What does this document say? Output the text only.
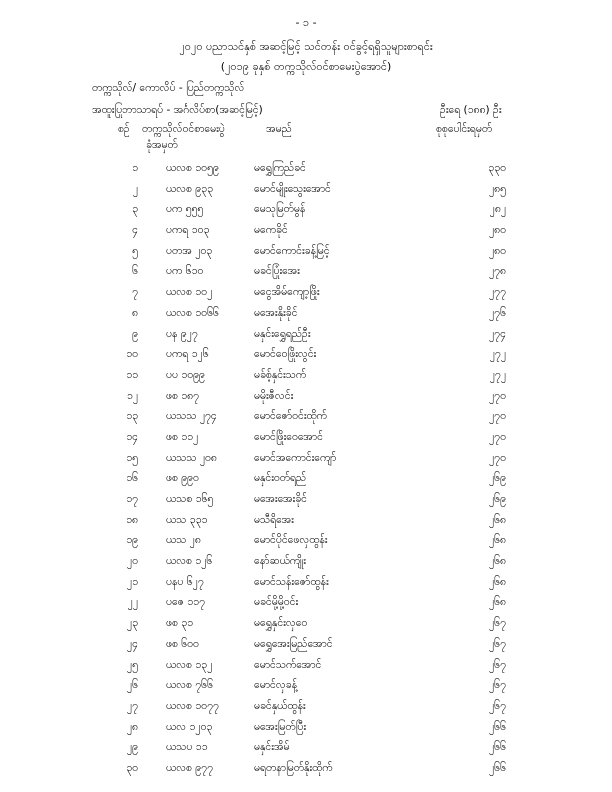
- ၁ -
၂၀၂၀ ပညာသင်နှစ် အဆင့်မြင့် သင်တန်း ဝင်ခွင့်ရရှိသူများစာရင်း
(၂၀၁၉ ခုနှစ် တက္ကသိုလ်ဝင်စာမေးပွဲအောင်)
တက္ကသိုလ်/ ကောလိပ် - ပြည်တက္ကသိုလ်
အထူးပြုဘာသာရပ် - အင်္ဂလိပ်စာ(အဆင့်မြင့်)	ဦးရေ (၁၈၈) ဦး
စဉ် တက္ကသိုလ်ဝင်စာမေးပွဲ
ခုံအမှတ်
အမည်	စုစုပေါင်းရမှတ်
၁	ယလစ ၁၀၅၉	မရွှေကြည်ခင်	၃၃၀
၂	ယလစ ၉၃၃	မောင်မျိုးသွေးအောင်	၂၈၅
၃	ပက ၅၅၅	မေသုမြတ်မွန်	၂၈၂
၄	ပကရ ၁၀၃	မကေခိုင်	၂၈၀
၅	ပတအ ၂၀၃	မောင်ကောင်းခန့်မြင့်	၂၈၀
၆	ပက ၆၁၀	မခင်ပြုံးအေး	၂၇၈
၇	ယလစ ၁၀၂	မငွေအိမ်ကျော့ဖြိုး	၂၇၇
၈	ယလစ ၁၀၆၆	မအေးနိုးခိုင်	၂၇၆
၉	ပန ၉၂၇	မနှင်းရွှေရည်ဦး	၂၇၄
၁၀	ပကရ ၁၂၆	မောင်ဝေဖြိုးလွင်း	၂၇၂
၁၁	ပပ ၁၀၉၉	မခ်စ့်နှင်းသက်	၂၇၂
၁၂	ဖစ ၁၈၇	မမိုးဇီလင်း	၂၇၀
၁၃	ယသသ ၂၇၄	မောင်ဇော်ဝင်းထိုက်	၂၇၀
၁၄	ဖစ ၁၁၂	မောင်ဖြိုးဝေအောင်	၂၇၀
၁၅	ယသသ ၂၀၈	မောင်အကောင်းကျော်	၂၇၀
၁၆	ဖစ ၉၉၀	မနှင်းဝတ်ရည်	၂၆၉
၁၇	ယသစ ၁၆၅	မအေးအေးခိုင်	၂၆၉
၁၈	ယသ ၃၃၁	မသီရိအေး	၂၆၈
၁၉	ယသ ၂၈	မောင်ပိုင်ဖေလှထွန်း	၂၆၈
၂၀	ယလစ ၁၂၆	နော်ဆယ်ကျိုး	၂၆၈
၂၁	ပနပ ၆၂၇	မောင်သန်းဇော်ထွန်း	၂၆၈
၂၂	ပဇေ ၁၁၇	မခင်မို့မို့ဝင်း	၂၆၈
၂၃	ဖစ ၃၁	မရွှေနှင်းလှဝေ	၂၆၇
၂၄	ဖစ ၆၀၀	မရွှေအေးမြည်အောင်	၂၆၇
၂၅	ယလစ ၁၃၂	မောင်သက်အောင်	၂၆၇
၂၆	ယလစ ၇၆၆	မောင်လှခန့်	၂၆၇
၂၇	ယလစ ၁၀၇၇	မခင်နှယ်ထွန်း	၂၆၇
၂၈	ယလ ၁၂၀၃	မအေးမြတ်ပြီး	၂၆၆
၂၉	ယသပ ၁၁	မနှင်းအိမ်	၂၆၆
၃၀	ယလစ ၉၇၇	မရတနာမြတ်နိုးထိုက်	၂၆၆
